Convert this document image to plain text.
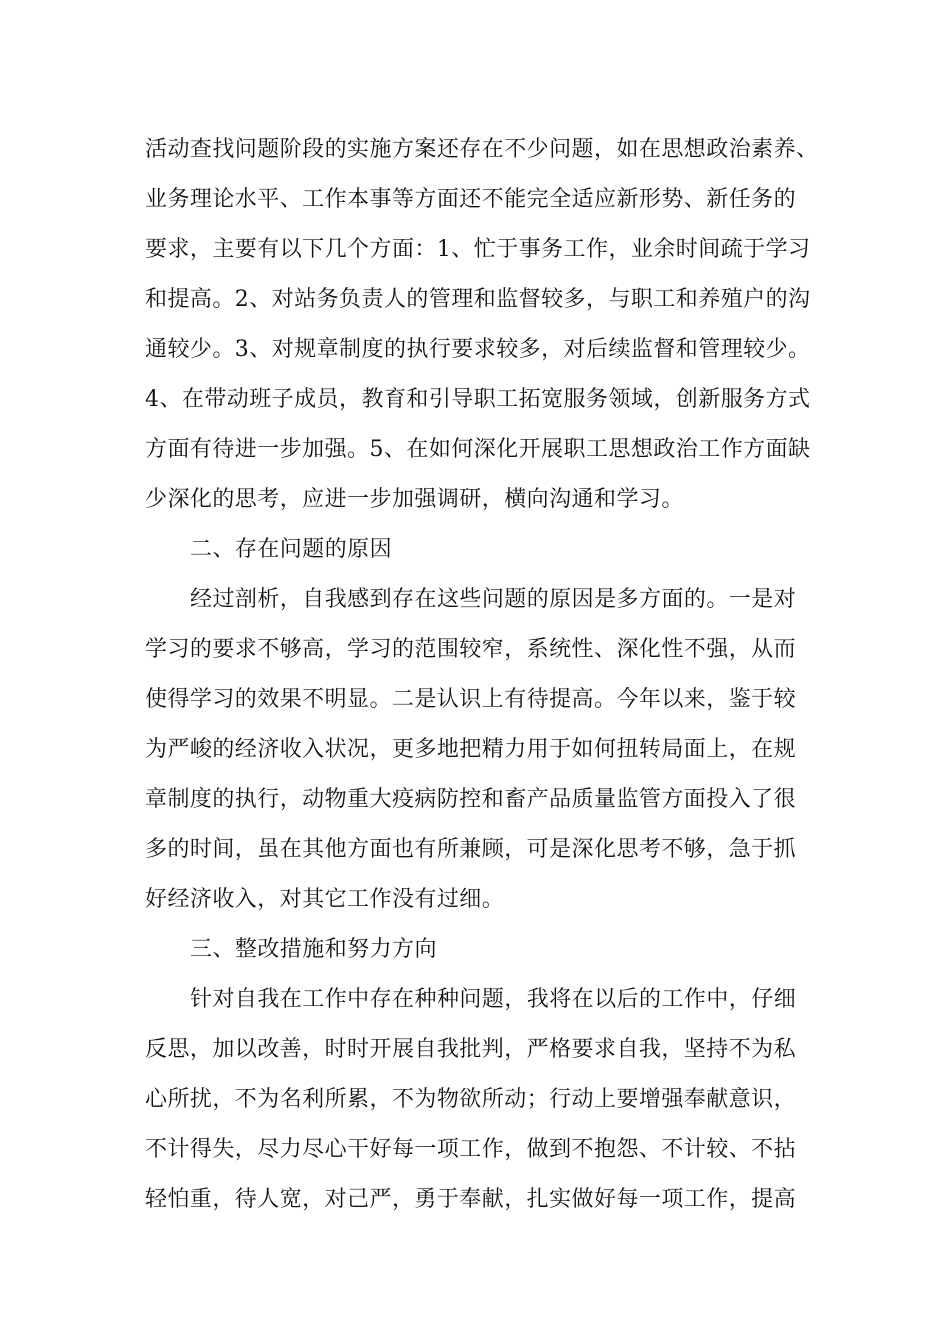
活动查找问题阶段的实施方案还存在不少问题，如在思想政治素养、
业务理论水平、工作本事等方面还不能完全适应新形势、新任务的
要求，主要有以下几个方面：1、忙于事务工作，业余时间疏于学习
和提高。2、对站务负责人的管理和监督较多，与职工和养殖户的沟
通较少。3、对规章制度的执行要求较多，对后续监督和管理较少。
4、在带动班子成员，教育和引导职工拓宽服务领域，创新服务方式
方面有待进一步加强。5、在如何深化开展职工思想政治工作方面缺
少深化的思考，应进一步加强调研，横向沟通和学习。
二、存在问题的原因
经过剖析，自我感到存在这些问题的原因是多方面的。一是对
学习的要求不够高，学习的范围较窄，系统性、深化性不强，从而
使得学习的效果不明显。二是认识上有待提高。今年以来，鉴于较
为严峻的经济收入状况，更多地把精力用于如何扭转局面上，在规
章制度的执行，动物重大疫病防控和畜产品质量监管方面投入了很
多的时间，虽在其他方面也有所兼顾，可是深化思考不够，急于抓
好经济收入，对其它工作没有过细。
三、整改措施和努力方向
针对自我在工作中存在种种问题，我将在以后的工作中，仔细
反思，加以改善，时时开展自我批判，严格要求自我，坚持不为私
心所扰，不为名利所累，不为物欲所动；行动上要增强奉献意识，
不计得失，尽力尽心干好每一项工作，做到不抱怨、不计较、不拈
轻怕重，待人宽，对己严，勇于奉献，扎实做好每一项工作，提高
